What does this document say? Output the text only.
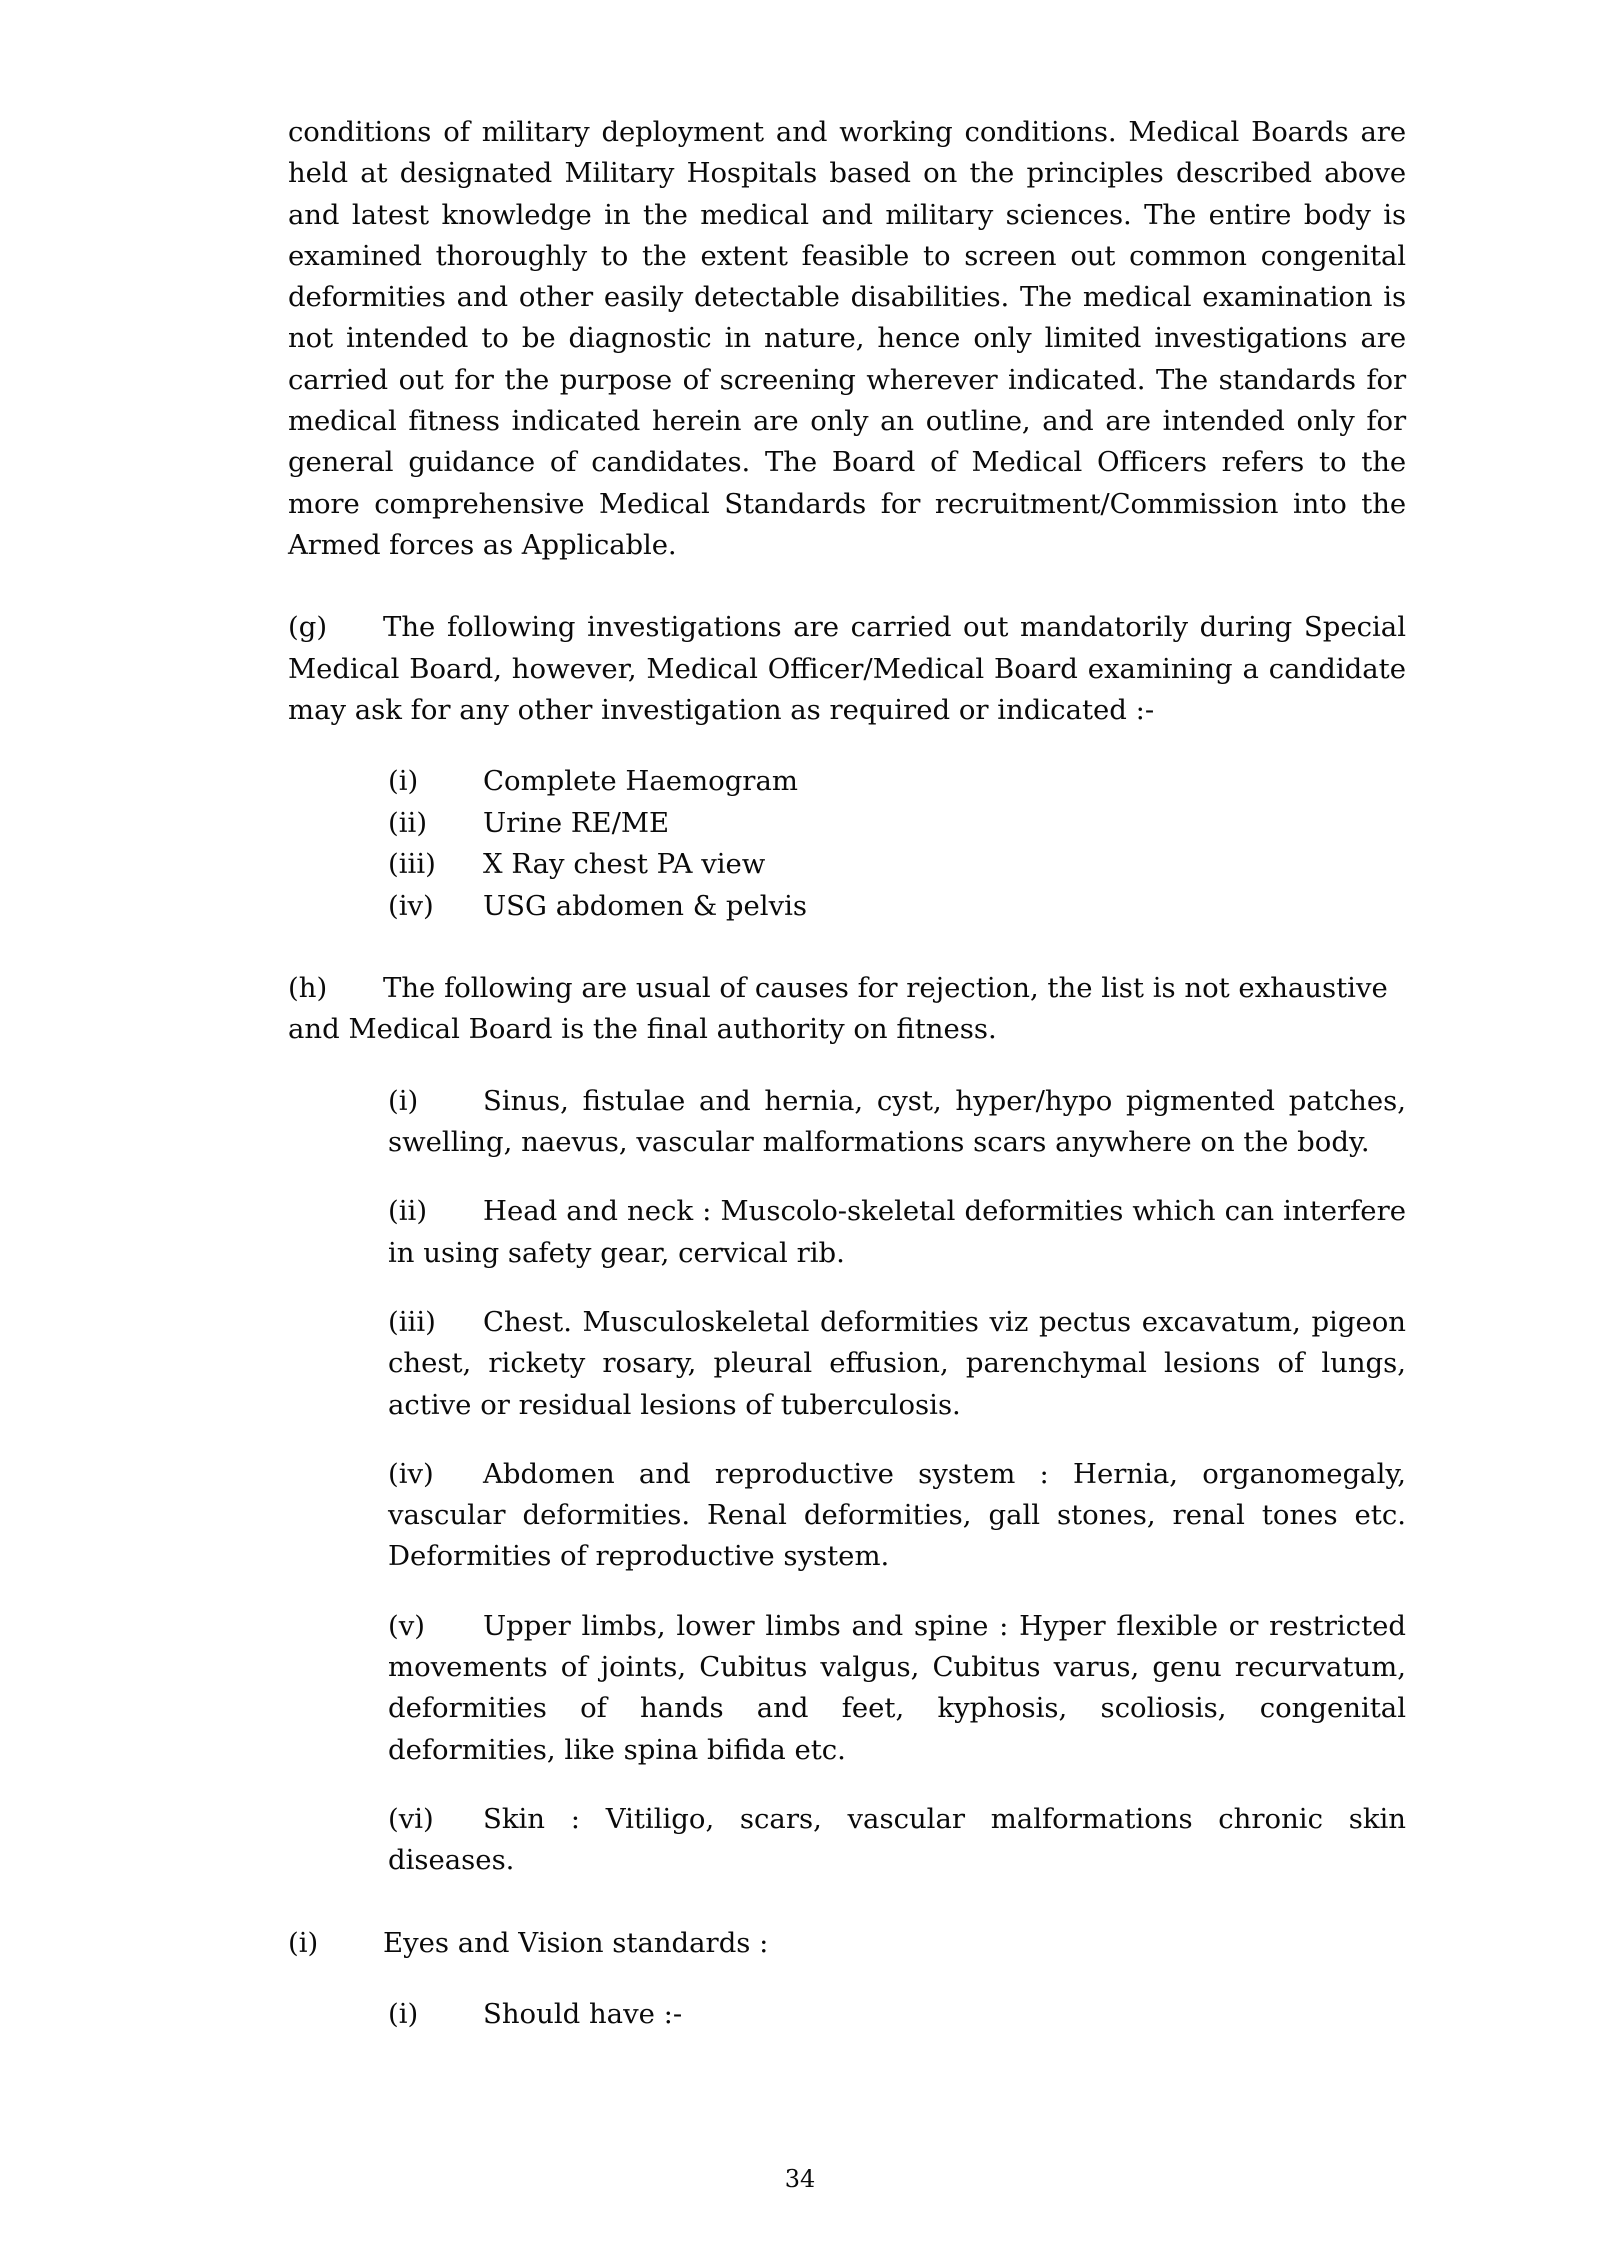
conditions of military deployment and working conditions. Medical Boards are held at designated Military Hospitals based on the principles described above and latest knowledge in the medical and military sciences. The entire body is examined thoroughly to the extent feasible to screen out common congenital deformities and other easily detectable disabilities. The medical examination is not intended to be diagnostic in nature, hence only limited investigations are carried out for the purpose of screening wherever indicated. The standards for medical fitness indicated herein are only an outline, and are intended only for general guidance of candidates. The Board of Medical Officers refers to the more comprehensive Medical Standards for recruitment/Commission into the Armed forces as Applicable.

(g)	The following investigations are carried out mandatorily during Special Medical Board, however, Medical Officer/Medical Board examining a candidate may ask for any other investigation as required or indicated :-
(i)	Complete Haemogram
(ii)	Urine RE/ME
(iii)	X Ray chest PA view
(iv)	USG abdomen & pelvis
(h)	The following are usual of causes for rejection, the list is not exhaustive and Medical Board is the final authority on fitness.
(i)	Sinus, fistulae and hernia, cyst, hyper/hypo pigmented patches, swelling, naevus, vascular malformations scars anywhere on the body.
(ii)	Head and neck : Muscolo-skeletal deformities which can interfere in using safety gear, cervical rib.
(iii)	Chest. Musculoskeletal deformities viz pectus excavatum, pigeon chest, rickety rosary, pleural effusion, parenchymal lesions of lungs, active or residual lesions of tuberculosis.
(iv)	Abdomen and reproductive system : Hernia, organomegaly, vascular deformities. Renal deformities, gall stones, renal tones etc. Deformities of reproductive system.
(v)	Upper limbs, lower limbs and spine : Hyper flexible or restricted movements of joints, Cubitus valgus, Cubitus varus, genu recurvatum, deformities of hands and feet, kyphosis, scoliosis, congenital deformities, like spina bifida etc.
(vi)	Skin : Vitiligo, scars, vascular malformations chronic skin diseases.
(i)	Eyes and Vision standards :
(i)	Should have :-
34
